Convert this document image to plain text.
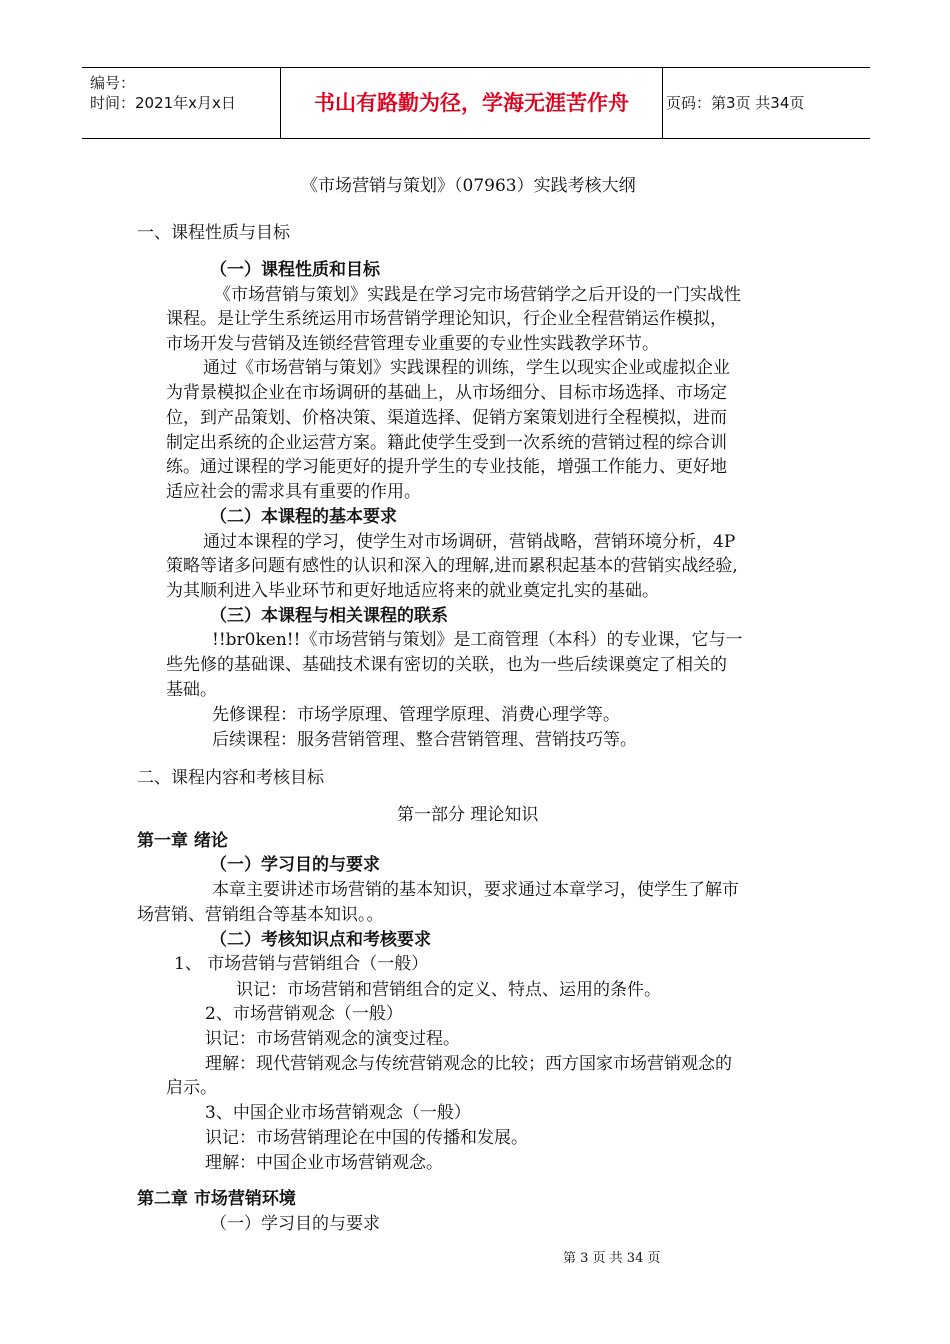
编号：
时间：2021年x月x日	书山有路勤为径，学海无涯苦作舟	页码：第3页 共34页
《市场营销与策划》（07963）实践考核大纲
一、课程性质与目标
（一）课程性质和目标
《市场营销与策划》实践是在学习完市场营销学之后开设的一门实战性
课程。是让学生系统运用市场营销学理论知识，行企业全程营销运作模拟，
市场开发与营销及连锁经营管理专业重要的专业性实践教学环节。
通过《市场营销与策划》实践课程的训练，学生以现实企业或虚拟企业
为背景模拟企业在市场调研的基础上，从市场细分、目标市场选择、市场定
位，到产品策划、价格决策、渠道选择、促销方案策划进行全程模拟，进而
制定出系统的企业运营方案。籍此使学生受到一次系统的营销过程的综合训
练。通过课程的学习能更好的提升学生的专业技能，增强工作能力、更好地
适应社会的需求具有重要的作用。
（二）本课程的基本要求
通过本课程的学习，使学生对市场调研，营销战略，营销环境分析，4P
策略等诸多问题有感性的认识和深入的理解,进而累积起基本的营销实战经验,
为其顺利进入毕业环节和更好地适应将来的就业奠定扎实的基础。
（三）本课程与相关课程的联系
!!br0ken!!《市场营销与策划》是工商管理（本科）的专业课，它与一
些先修的基础课、基础技术课有密切的关联，也为一些后续课奠定了相关的
基础。
先修课程：市场学原理、管理学原理、消费心理学等。
后续课程：服务营销管理、整合营销管理、营销技巧等。
二、课程内容和考核目标
第一部分 理论知识
第一章 绪论
（一）学习目的与要求
本章主要讲述市场营销的基本知识，要求通过本章学习，使学生了解市
场营销、营销组合等基本知识。。
（二）考核知识点和考核要求
1、 市场营销与营销组合（一般）
识记：市场营销和营销组合的定义、特点、运用的条件。
2、市场营销观念（一般）
识记：市场营销观念的演变过程。
理解：现代营销观念与传统营销观念的比较；西方国家市场营销观念的
启示。
3、中国企业市场营销观念（一般）
识记：市场营销理论在中国的传播和发展。
理解：中国企业市场营销观念。
第二章 市场营销环境
（一）学习目的与要求
第 3 页 共 34 页
